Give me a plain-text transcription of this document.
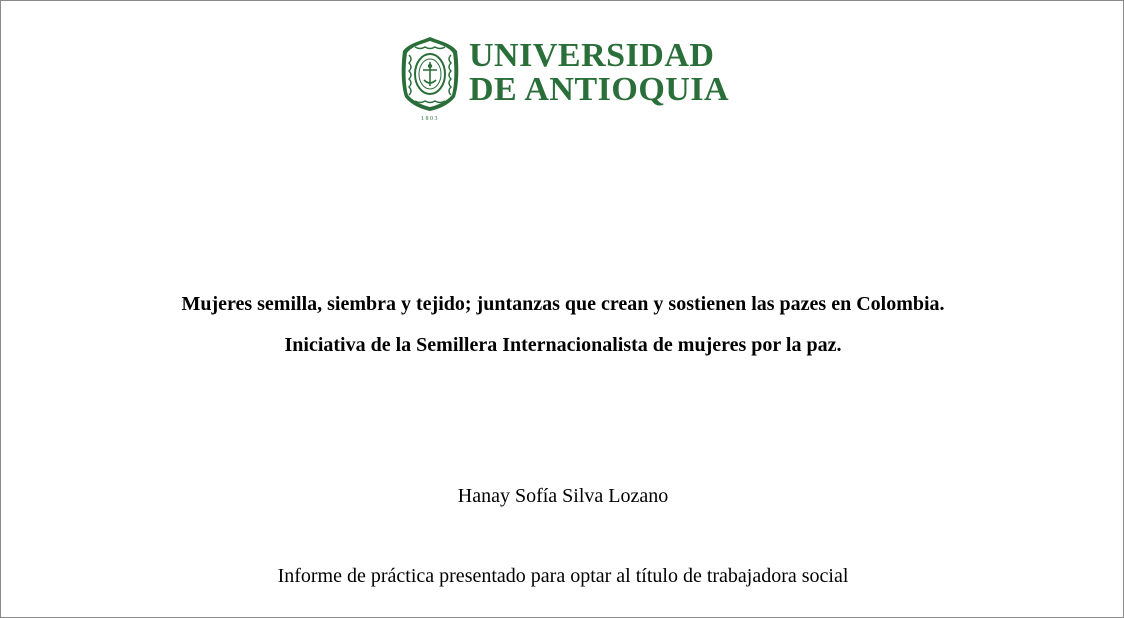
1803
UNIVERSIDAD
DE ANTIOQUIA
Mujeres semilla, siembra y tejido; juntanzas que crean y sostienen las pazes en Colombia.
Iniciativa de la Semillera Internacionalista de mujeres por la paz.
Hanay Sofía Silva Lozano
Informe de práctica presentado para optar al título de trabajadora social
